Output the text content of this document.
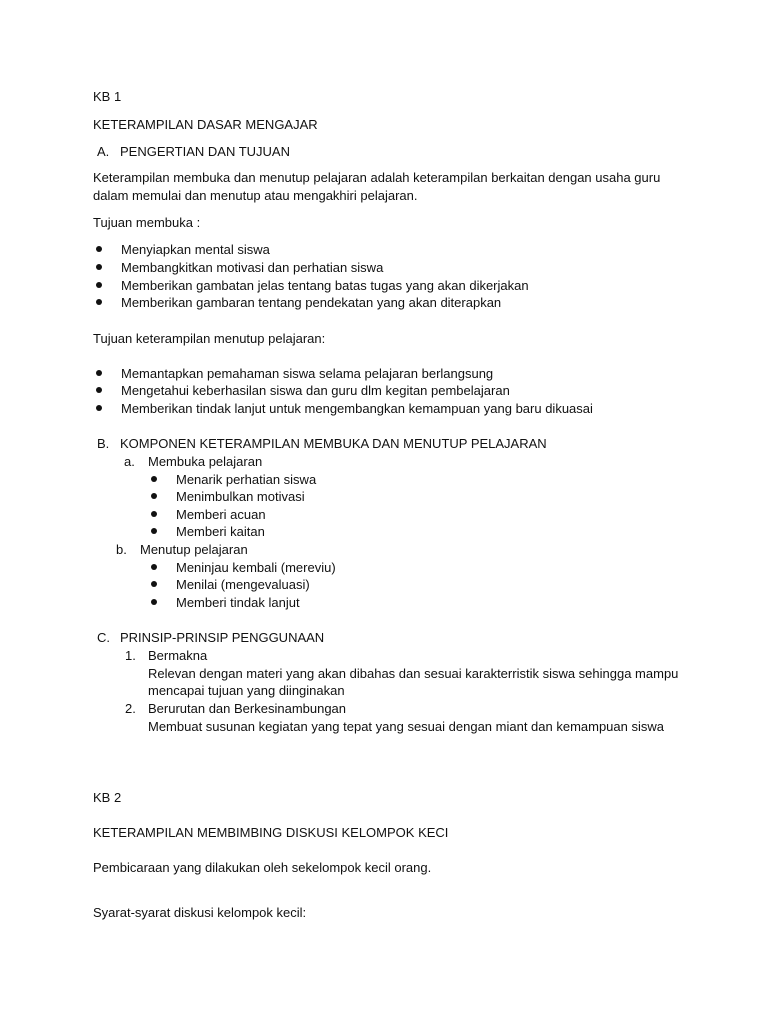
KB 1
KETERAMPILAN DASAR MENGAJAR
A. PENGERTIAN DAN TUJUAN
Keterampilan membuka dan menutup pelajaran adalah keterampilan berkaitan dengan usaha guru
dalam memulai dan menutup atau mengakhiri pelajaran.
Tujuan membuka :
Menyiapkan mental siswa
Membangkitkan motivasi dan perhatian siswa
Memberikan gambatan jelas tentang batas tugas yang akan dikerjakan
Memberikan gambaran tentang pendekatan yang akan diterapkan
Tujuan keterampilan menutup pelajaran:
Memantapkan pemahaman siswa selama pelajaran berlangsung
Mengetahui keberhasilan siswa dan guru dlm kegitan pembelajaran
Memberikan tindak lanjut untuk mengembangkan kemampuan yang baru dikuasai
B. KOMPONEN KETERAMPILAN MEMBUKA DAN MENUTUP PELAJARAN
a. Membuka pelajaran
Menarik perhatian siswa
Menimbulkan motivasi
Memberi acuan
Memberi kaitan
b. Menutup pelajaran
Meninjau kembali (mereviu)
Menilai (mengevaluasi)
Memberi tindak lanjut
C. PRINSIP-PRINSIP PENGGUNAAN
1. Bermakna
Relevan dengan materi yang akan dibahas dan sesuai karakterristik siswa sehingga mampu
mencapai tujuan yang diinginakan
2. Berurutan dan Berkesinambungan
Membuat susunan kegiatan yang tepat yang sesuai dengan miant dan kemampuan siswa
KB 2
KETERAMPILAN MEMBIMBING DISKUSI KELOMPOK KECI
Pembicaraan yang dilakukan oleh sekelompok kecil orang.
Syarat-syarat diskusi kelompok kecil:
